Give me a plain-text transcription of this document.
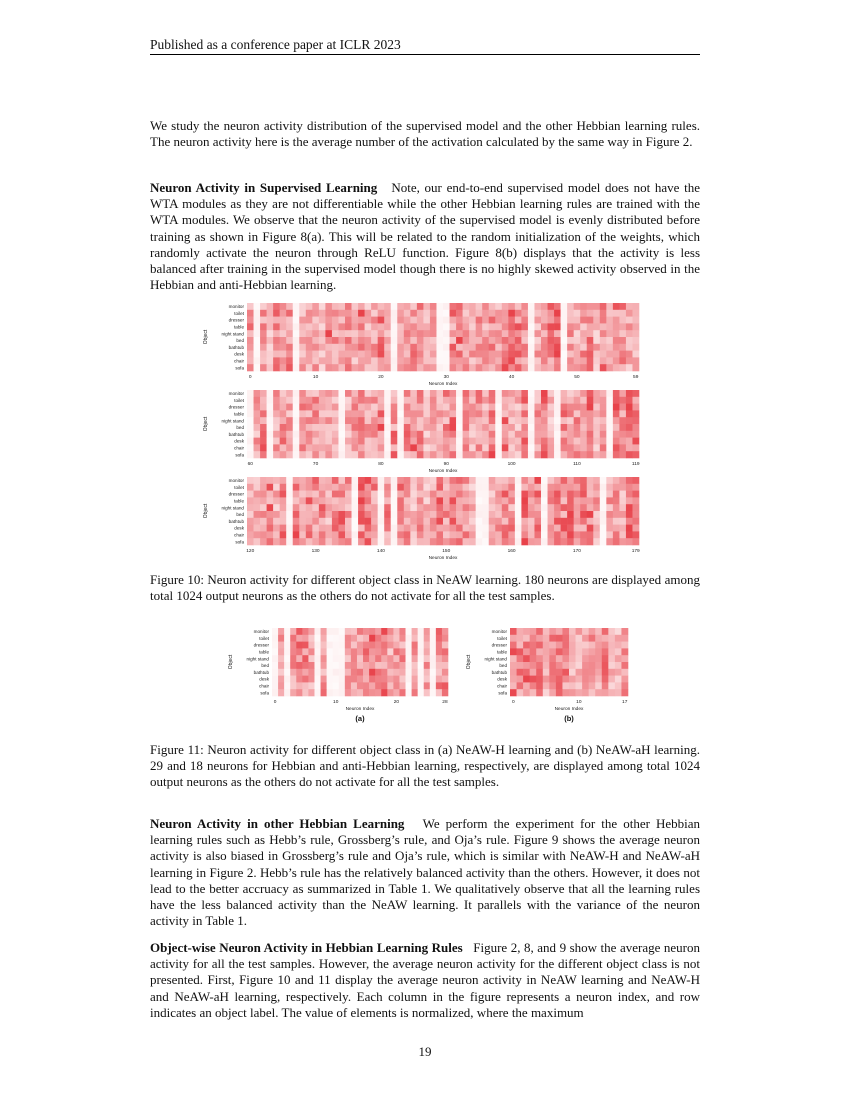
Published as a conference paper at ICLR 2023

We study the neuron activity distribution of the supervised model and the other Hebbian learning rules. The neuron activity here is the average number of the activation calculated by the same way in Figure 2.

Neuron Activity in Supervised Learning Note, our end-to-end supervised model does not have the WTA modules as they are not differentiable while the other Hebbian learning rules are trained with the WTA modules. We observe that the neuron activity of the supervised model is evenly distributed before training as shown in Figure 8(a). This will be related to the random initialization of the weights, which randomly activate the neuron through ReLU function. Figure 8(b) displays that the activity is less balanced after training in the supervised model though there is no highly skewed activity observed in the Hebbian and anti-Hebbian learning.

monitor
toilet
dresser
table
night stand
bed
bathtub
desk
chair
sofa
Object
0	10	20	30	40	50	59
Neuron Index
monitor
toilet
dresser
table
night stand
bed
bathtub
desk
chair
sofa
Object
60	70	80	90	100	110	119
Neuron Index
monitor
toilet
dresser
table
night stand
bed
bathtub
desk
chair
sofa
Object
120	130	140	150	160	170	179
Neuron Index
monitor
toilet
dresser
table
night stand
bed
bathtub
desk
chair
sofa
Object
0	10	20	28
Neuron Index
(a)
monitor
toilet
dresser
table
night stand
bed
bathtub
desk
chair
sofa
Object
0	10	17
Neuron Index
(b)

Figure 10: Neuron activity for different object class in NeAW learning. 180 neurons are displayed among total 1024 output neurons as the others do not activate for all the test samples.

Figure 11: Neuron activity for different object class in (a) NeAW-H learning and (b) NeAW-aH learning. 29 and 18 neurons for Hebbian and anti-Hebbian learning, respectively, are displayed among total 1024 output neurons as the others do not activate for all the test samples.

Neuron Activity in other Hebbian Learning We perform the experiment for the other Hebbian learning rules such as Hebb’s rule, Grossberg’s rule, and Oja’s rule. Figure 9 shows the average neuron activity is also biased in Grossberg’s rule and Oja’s rule, which is similar with NeAW-H and NeAW-aH learning in Figure 2. Hebb’s rule has the relatively balanced activity than the others. However, it does not lead to the better accruacy as summarized in Table 1. We qualitatively observe that all the learning rules have the less balanced activity than the NeAW learning. It parallels with the variance of the neuron activity in Table 1.

Object-wise Neuron Activity in Hebbian Learning Rules Figure 2, 8, and 9 show the average neuron activity for all the test samples. However, the average neuron activity for the different object class is not presented. First, Figure 10 and 11 display the average neuron activity in NeAW learning and NeAW-H and NeAW-aH learning, respectively. Each column in the figure represents a neuron index, and row indicates an object label. The value of elements is normalized, where the maximum

19
